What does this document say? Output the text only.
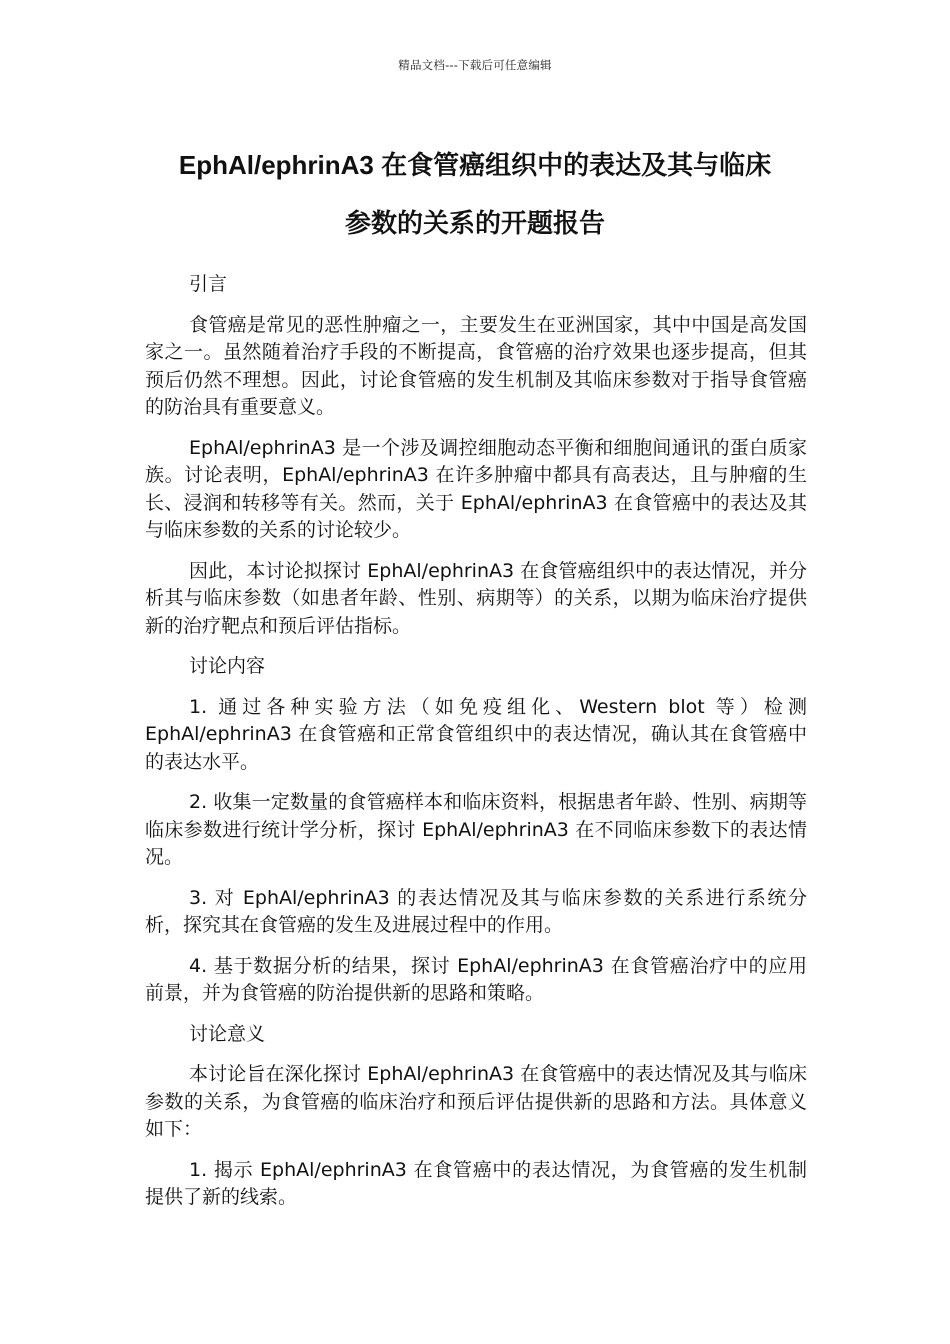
精品文档---下载后可任意编辑
EphAl/ephrinA3 在食管癌组织中的表达及其与临床
参数的关系的开题报告

引言

食管癌是常见的恶性肿瘤之一，主要发生在亚洲国家，其中中国是高发国家之一。虽然随着治疗手段的不断提高，食管癌的治疗效果也逐步提高，但其预后仍然不理想。因此，讨论食管癌的发生机制及其临床参数对于指导食管癌的防治具有重要意义。

EphAl/ephrinA3 是一个涉及调控细胞动态平衡和细胞间通讯的蛋白质家族。讨论表明，EphAl/ephrinA3 在许多肿瘤中都具有高表达，且与肿瘤的生长、浸润和转移等有关。然而，关于 EphAl/ephrinA3 在食管癌中的表达及其与临床参数的关系的讨论较少。

因此，本讨论拟探讨 EphAl/ephrinA3 在食管癌组织中的表达情况，并分析其与临床参数（如患者年龄、性别、病期等）的关系，以期为临床治疗提供新的治疗靶点和预后评估指标。

讨论内容

1. 通过各种实验方法（如免疫组化、Western blot 等）检测 EphAl/ephrinA3 在食管癌和正常食管组织中的表达情况，确认其在食管癌中的表达水平。

2. 收集一定数量的食管癌样本和临床资料，根据患者年龄、性别、病期等临床参数进行统计学分析，探讨 EphAl/ephrinA3 在不同临床参数下的表达情况。

3. 对 EphAl/ephrinA3 的表达情况及其与临床参数的关系进行系统分析，探究其在食管癌的发生及进展过程中的作用。

4. 基于数据分析的结果，探讨 EphAl/ephrinA3 在食管癌治疗中的应用前景，并为食管癌的防治提供新的思路和策略。

讨论意义

本讨论旨在深化探讨 EphAl/ephrinA3 在食管癌中的表达情况及其与临床参数的关系，为食管癌的临床治疗和预后评估提供新的思路和方法。具体意义如下：

1. 揭示 EphAl/ephrinA3 在食管癌中的表达情况，为食管癌的发生机制提供了新的线索。
